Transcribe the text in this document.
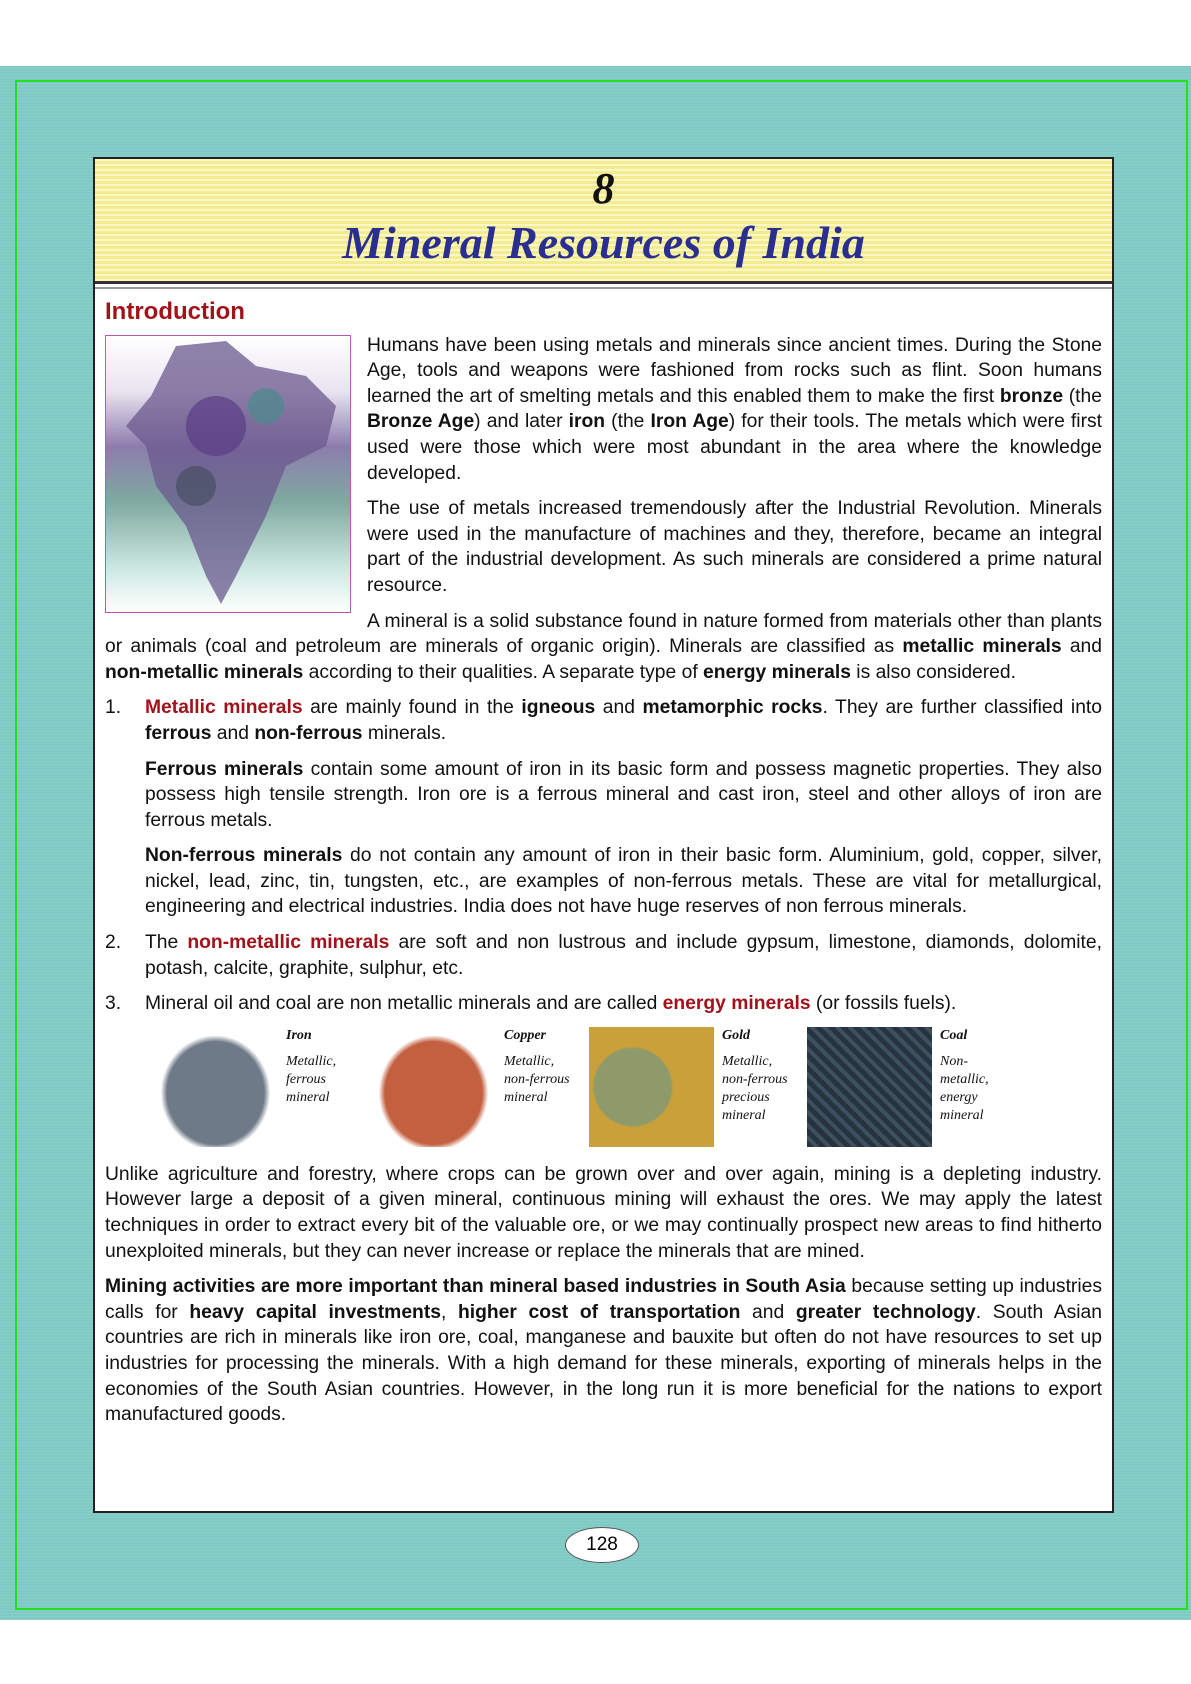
8
Mineral Resources of India
Introduction

Humans have been using metals and minerals since ancient times. During the Stone Age, tools and weapons were fashioned from rocks such as flint. Soon humans learned the art of smelting metals and this enabled them to make the first bronze (the Bronze Age) and later iron (the Iron Age) for their tools. The metals which were first used were those which were most abundant in the area where the knowledge developed.

The use of metals increased tremendously after the Industrial Revolution. Minerals were used in the manufacture of machines and they, therefore, became an integral part of the industrial development. As such minerals are considered a prime natural resource.

A mineral is a solid substance found in nature formed from materials other than plants or animals (coal and petroleum are minerals of organic origin). Minerals are classified as metallic minerals and non-metallic minerals according to their qualities. A separate type of energy minerals is also considered.

1.	Metallic minerals are mainly found in the igneous and metamorphic rocks. They are further classified into ferrous and non-ferrous minerals.

Ferrous minerals contain some amount of iron in its basic form and possess magnetic properties. They also possess high tensile strength. Iron ore is a ferrous mineral and cast iron, steel and other alloys of iron are ferrous metals.

Non-ferrous minerals do not contain any amount of iron in their basic form. Aluminium, gold, copper, silver, nickel, lead, zinc, tin, tungsten, etc., are examples of non-ferrous metals. These are vital for metallurgical, engineering and electrical industries. India does not have huge reserves of non ferrous minerals.

2.	The non-metallic minerals are soft and non lustrous and include gypsum, limestone, diamonds, dolomite, potash, calcite, graphite, sulphur, etc.
3.	Mineral oil and coal are non metallic minerals and are called energy minerals (or fossils fuels).
Iron
Metallic, ferrous mineral
Copper
Metallic, non-ferrous mineral
Gold
Metallic, non-ferrous precious mineral
Coal
Non-metallic, energy mineral

Unlike agriculture and forestry, where crops can be grown over and over again, mining is a depleting industry. However large a deposit of a given mineral, continuous mining will exhaust the ores. We may apply the latest techniques in order to extract every bit of the valuable ore, or we may continually prospect new areas to find hitherto unexploited minerals, but they can never increase or replace the minerals that are mined.

Mining activities are more important than mineral based industries in South Asia because setting up industries calls for heavy capital investments, higher cost of transportation and greater technology. South Asian countries are rich in minerals like iron ore, coal, manganese and bauxite but often do not have resources to set up industries for processing the minerals. With a high demand for these minerals, exporting of minerals helps in the economies of the South Asian countries. However, in the long run it is more beneficial for the nations to export manufactured goods.

128
